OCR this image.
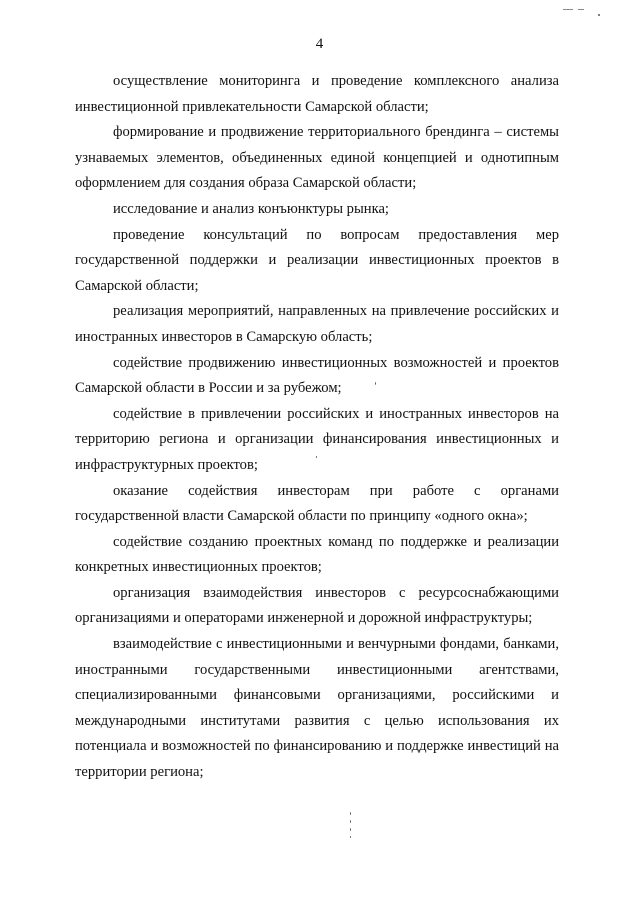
4

осуществление мониторинга и проведение комплексного анализа инвестиционной привлекательности Самарской области;

формирование и продвижение территориального брендинга – системы узнаваемых элементов, объединенных единой концепцией и однотипным оформлением для создания образа Самарской области;

исследование и анализ конъюнктуры рынка;

проведение консультаций по вопросам предоставления мер государственной поддержки и реализации инвестиционных проектов в Самарской области;

реализация мероприятий, направленных на привлечение российских и иностранных инвесторов в Самарскую область;

содействие продвижению инвестиционных возможностей и проектов Самарской области в России и за рубежом;

содействие в привлечении российских и иностранных инвесторов на территорию региона и организации финансирования инвестиционных и инфраструктурных проектов;

оказание содействия инвесторам при работе с органами государственной власти Самарской области по принципу «одного окна»;

содействие созданию проектных команд по поддержке и реализации конкретных инвестиционных проектов;

организация взаимодействия инвесторов с ресурсоснабжающими организациями и операторами инженерной и дорожной инфраструктуры;

взаимодействие с инвестиционными и венчурными фондами, банками, иностранными государственными инвестиционными агентствами, специализированными финансовыми организациями, российскими и международными институтами развития с целью использования их потенциала и возможностей по финансированию и поддержке инвестиций на территории региона;
